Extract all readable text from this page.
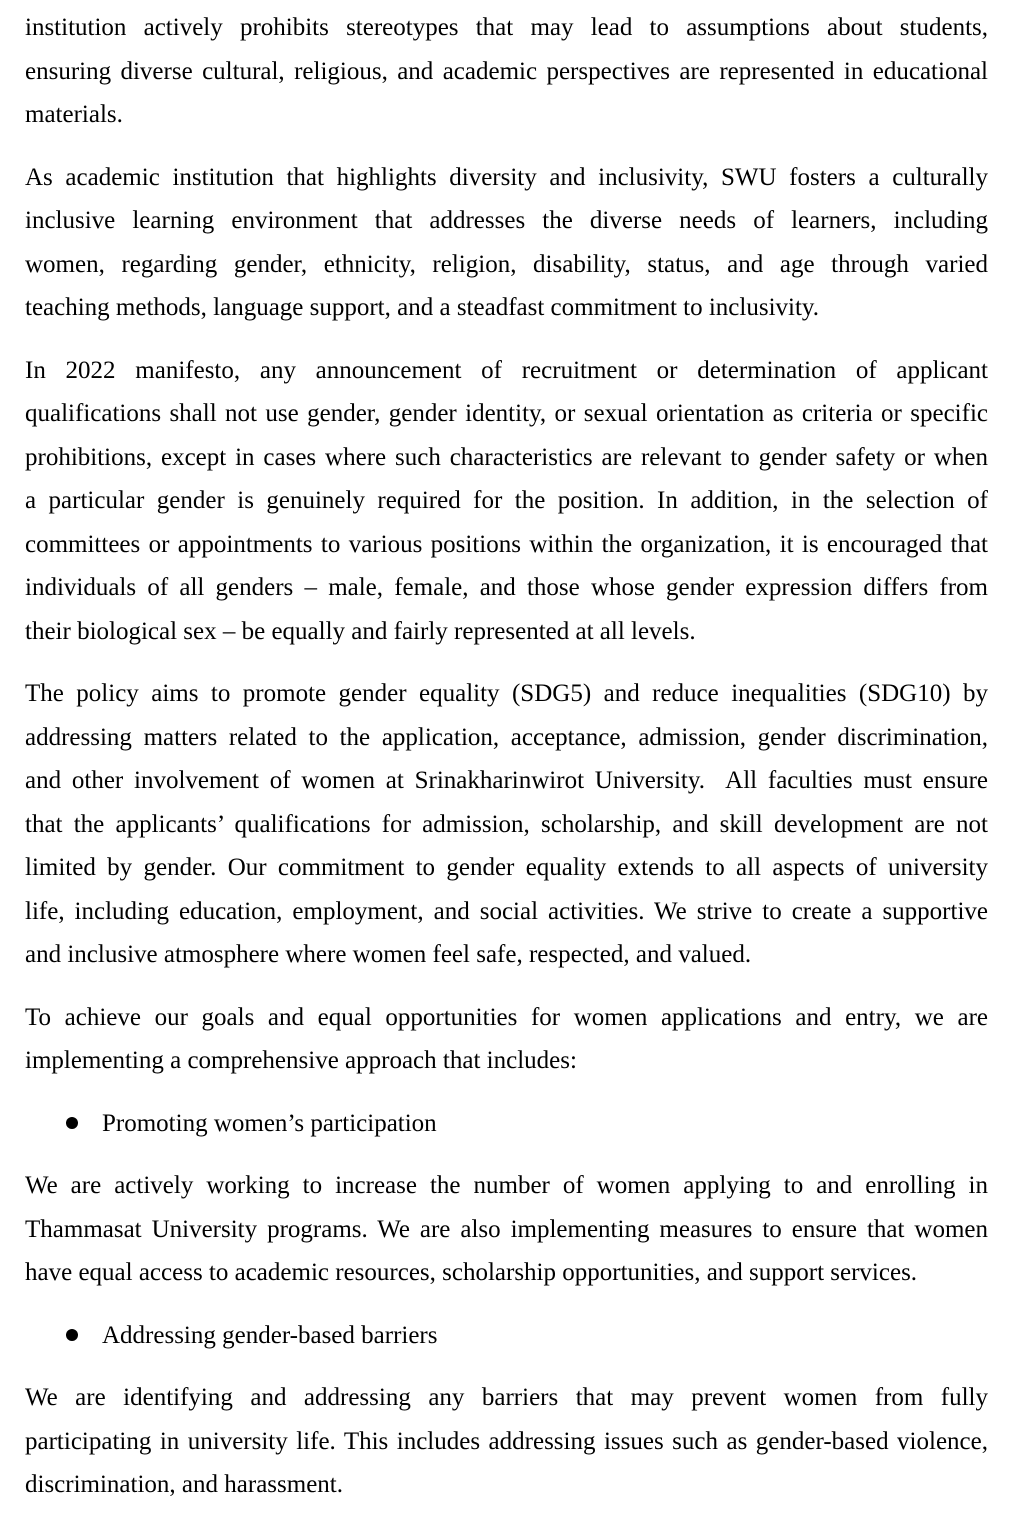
institution actively prohibits stereotypes that may lead to assumptions about students,
ensuring diverse cultural, religious, and academic perspectives are represented in educational
materials.
As academic institution that highlights diversity and inclusivity, SWU fosters a culturally
inclusive learning environment that addresses the diverse needs of learners, including
women, regarding gender, ethnicity, religion, disability, status, and age through varied
teaching methods, language support, and a steadfast commitment to inclusivity.
In 2022 manifesto, any announcement of recruitment or determination of applicant
qualifications shall not use gender, gender identity, or sexual orientation as criteria or specific
prohibitions, except in cases where such characteristics are relevant to gender safety or when
a particular gender is genuinely required for the position. In addition, in the selection of
committees or appointments to various positions within the organization, it is encouraged that
individuals of all genders – male, female, and those whose gender expression differs from
their biological sex – be equally and fairly represented at all levels.
The policy aims to promote gender equality (SDG5) and reduce inequalities (SDG10) by
addressing matters related to the application, acceptance, admission, gender discrimination,
and other involvement of women at Srinakharinwirot University.  All faculties must ensure
that the applicants’ qualifications for admission, scholarship, and skill development are not
limited by gender. Our commitment to gender equality extends to all aspects of university
life, including education, employment, and social activities. We strive to create a supportive
and inclusive atmosphere where women feel safe, respected, and valued.
To achieve our goals and equal opportunities for women applications and entry, we are
implementing a comprehensive approach that includes:
Promoting women’s participation
We are actively working to increase the number of women applying to and enrolling in
Thammasat University programs. We are also implementing measures to ensure that women
have equal access to academic resources, scholarship opportunities, and support services.
Addressing gender-based barriers
We are identifying and addressing any barriers that may prevent women from fully
participating in university life. This includes addressing issues such as gender-based violence,
discrimination, and harassment.
